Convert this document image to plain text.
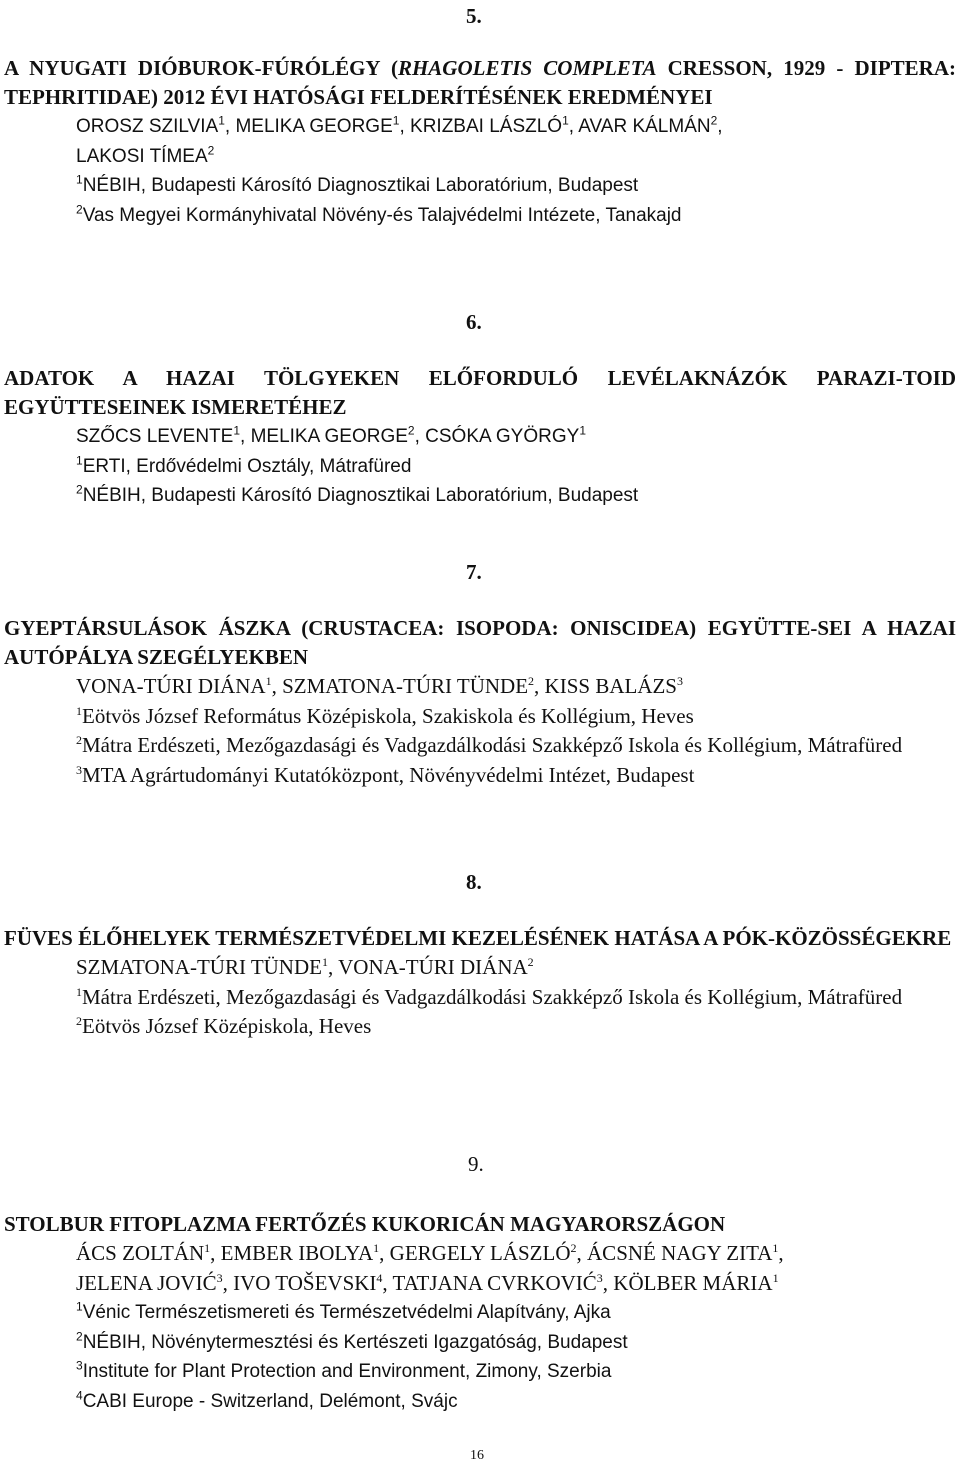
5.

A NYUGATI DIÓBUROK-FÚRÓLÉGY (RHAGOLETIS COMPLETA CRESSON, 1929 - DIPTERA: TEPHRITIDAE) 2012 ÉVI HATÓSÁGI FELDERÍTÉSÉNEK EREDMÉNYEI

OROSZ SZILVIA$^1$, MELIKA GEORGE$^1$, KRIZBAI LÁSZLÓ$^1$, AVAR KÁLMÁN$^2$,
LAKOSI TÍMEA$^2$
$^1$NÉBIH, Budapesti Károsító Diagnosztikai Laboratórium, Budapest
$^2$Vas Megyei Kormányhivatal Növény-és Talajvédelmi Intézete, Tanakajd
6.

ADATOK A HAZAI TÖLGYEKEN ELŐFORDULÓ LEVÉLAKNÁZÓK PARAZI-TOID EGYÜTTESEINEK ISMERETÉHEZ

SZŐCS LEVENTE$^1$, MELIKA GEORGE$^2$, CSÓKA GYÖRGY$^1$
$^1$ERTI, Erdővédelmi Osztály, Mátrafüred
$^2$NÉBIH, Budapesti Károsító Diagnosztikai Laboratórium, Budapest
7.

GYEPTÁRSULÁSOK ÁSZKA (CRUSTACEA: ISOPODA: ONISCIDEA) EGYÜTTE-SEI A HAZAI AUTÓPÁLYA SZEGÉLYEKBEN

VONA-TÚRI DIÁNA$^1$, SZMATONA-TÚRI TÜNDE$^2$, KISS BALÁZS$^3$
$^1$Eötvös József Református Középiskola, Szakiskola és Kollégium, Heves
$^2$Mátra Erdészeti, Mezőgazdasági és Vadgazdálkodási Szakképző Iskola és Kollégium, Mátrafüred
$^3$MTA Agrártudományi Kutatóközpont, Növényvédelmi Intézet, Budapest
8.

FÜVES ÉLŐHELYEK TERMÉSZETVÉDELMI KEZELÉSÉNEK HATÁSA A PÓK-KÖZÖSSÉGEKRE

SZMATONA-TÚRI TÜNDE$^1$, VONA-TÚRI DIÁNA$^2$
$^1$Mátra Erdészeti, Mezőgazdasági és Vadgazdálkodási Szakképző Iskola és Kollégium, Mátrafüred
$^2$Eötvös József Középiskola, Heves
9.

STOLBUR FITOPLAZMA FERTŐZÉS KUKORICÁN MAGYARORSZÁGON

ÁCS ZOLTÁN$^1$, EMBER IBOLYA$^1$, GERGELY LÁSZLÓ$^2$, ÁCSNÉ NAGY ZITA$^1$,
JELENA JOVIĆ$^3$, IVO TOŠEVSKI$^4$, TATJANA CVRKOVIĆ$^3$, KÖLBER MÁRIA$^1$
$^1$Vénic Természetismereti és Természetvédelmi Alapítvány, Ajka
$^2$NÉBIH, Növénytermesztési és Kertészeti Igazgatóság, Budapest
$^3$Institute for Plant Protection and Environment, Zimony, Szerbia
$^4$CABI Europe - Switzerland, Delémont, Svájc
16
